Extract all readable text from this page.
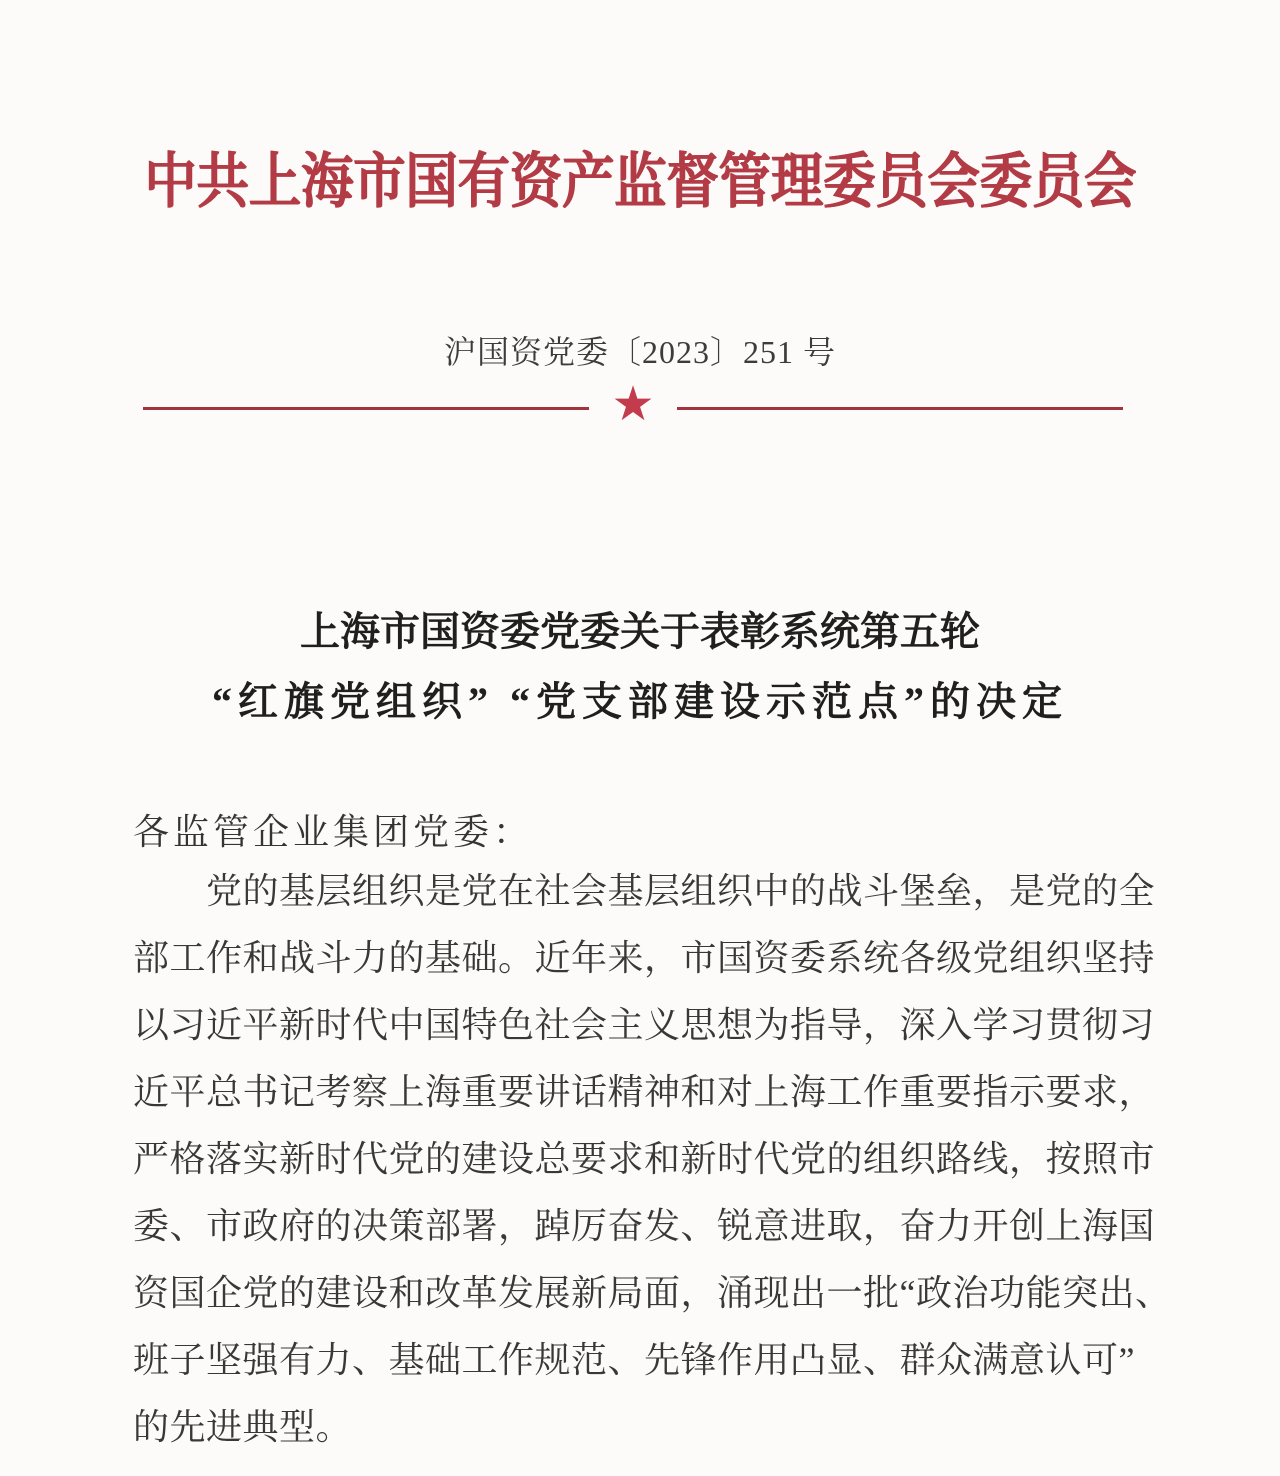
中共上海市国有资产监督管理委员会委员会
沪国资党委〔2023〕251 号
★
上海市国资委党委关于表彰系统第五轮
“红旗党组织” “党支部建设示范点”的决定
各监管企业集团党委：
党的基层组织是党在社会基层组织中的战斗堡垒，是党的全
部工作和战斗力的基础。近年来，市国资委系统各级党组织坚持
以习近平新时代中国特色社会主义思想为指导，深入学习贯彻习
近平总书记考察上海重要讲话精神和对上海工作重要指示要求，
严格落实新时代党的建设总要求和新时代党的组织路线，按照市
委、市政府的决策部署，踔厉奋发、锐意进取，奋力开创上海国
资国企党的建设和改革发展新局面，涌现出一批“政治功能突出、
班子坚强有力、基础工作规范、先锋作用凸显、群众满意认可”
的先进典型。
